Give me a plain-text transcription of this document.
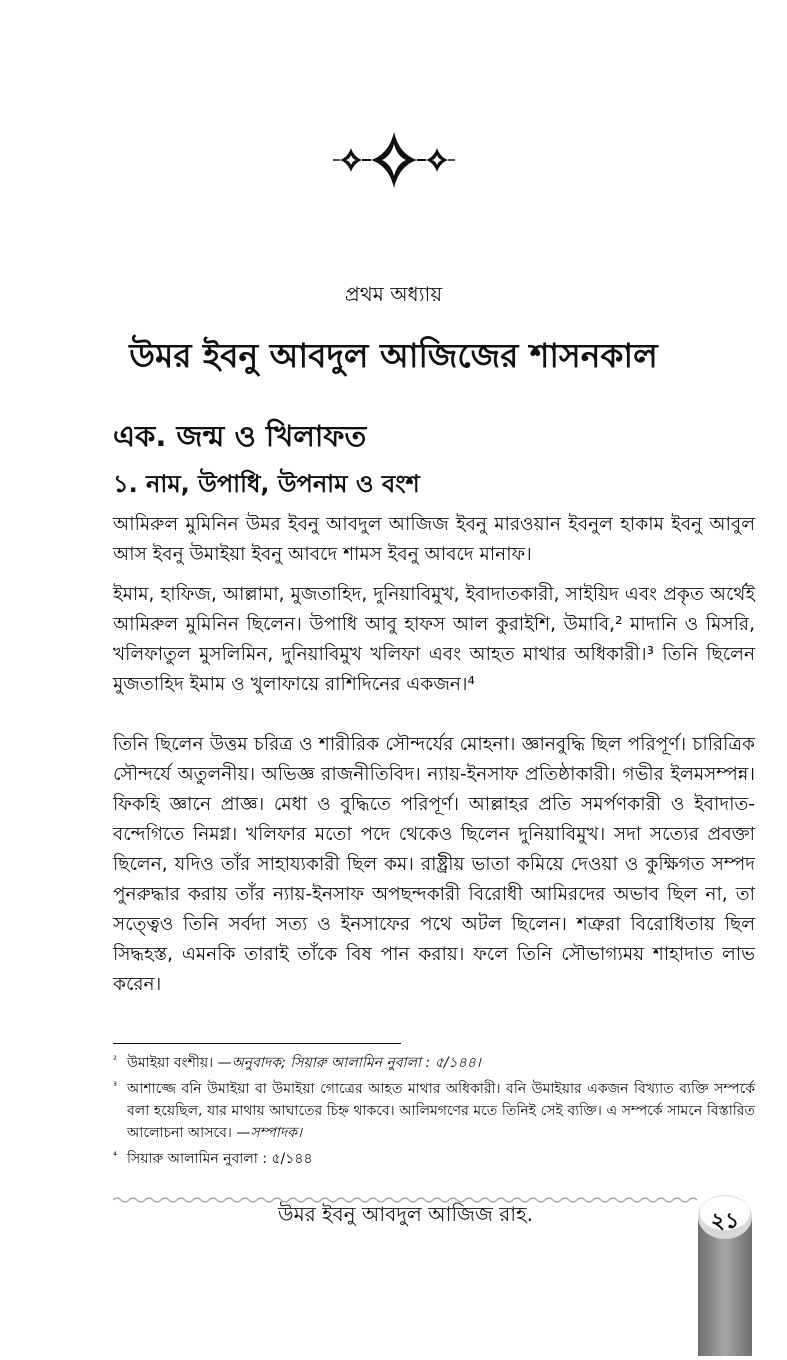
প্রথম অধ্যায়
উমর ইবনু আবদুল আজিজের শাসনকাল
এক. জন্ম ও খিলাফত
১. নাম, উপাধি, উপনাম ও বংশ

আমিরুল মুমিনিন উমর ইবনু আবদুল আজিজ ইবনু মারওয়ান ইবনুল হাকাম ইবনু আবুল আস ইবনু উমাইয়া ইবনু আবদে শামস ইবনু আবদে মানাফ।

ইমাম, হাফিজ, আল্লামা, মুজতাহিদ, দুনিয়াবিমুখ, ইবাদাতকারী, সাইয়িদ এবং প্রকৃত অর্থেই আমিরুল মুমিনিন ছিলেন। উপাধি আবু হাফস আল কুরাইশি, উমাবি,² মাদানি ও মিসরি, খলিফাতুল মুসলিমিন, দুনিয়াবিমুখ খলিফা এবং আহত মাথার অধিকারী।³ তিনি ছিলেন মুজতাহিদ ইমাম ও খুলাফায়ে রাশিদিনের একজন।⁴

তিনি ছিলেন উত্তম চরিত্র ও শারীরিক সৌন্দর্যের মোহনা। জ্ঞানবুদ্ধি ছিল পরিপূর্ণ। চারিত্রিক সৌন্দর্যে অতুলনীয়। অভিজ্ঞ রাজনীতিবিদ। ন্যায়-ইনসাফ প্রতিষ্ঠাকারী। গভীর ইলমসম্পন্ন। ফিকহি জ্ঞানে প্রাজ্ঞ। মেধা ও বুদ্ধিতে পরিপূর্ণ। আল্লাহর প্রতি সমর্পণকারী ও ইবাদাত-বন্দেগিতে নিমগ্ন। খলিফার মতো পদে থেকেও ছিলেন দুনিয়াবিমুখ। সদা সত্যের প্রবক্তা ছিলেন, যদিও তাঁর সাহায্যকারী ছিল কম। রাষ্ট্রীয় ভাতা কমিয়ে দেওয়া ও কুক্ষিগত সম্পদ পুনরুদ্ধার করায় তাঁর ন্যায়-ইনসাফ অপছন্দকারী বিরোধী আমিরদের অভাব ছিল না, তা সত্ত্বেও তিনি সর্বদা সত্য ও ইনসাফের পথে অটল ছিলেন। শত্রুরা বিরোধিতায় ছিল সিদ্ধহস্ত, এমনকি তারাই তাঁকে বিষ পান করায়। ফলে তিনি সৌভাগ্যময় শাহাদাত লাভ করেন।

² উমাইয়া বংশীয়। —অনুবাদক; সিয়ারু আলামিন নুবালা : ৫/১৪৪।
³ আশাজ্জে বনি উমাইয়া বা উমাইয়া গোত্রের আহত মাথার অধিকারী। বনি উমাইয়ার একজন বিখ্যাত ব্যক্তি সম্পর্কে বলা হয়েছিল, যার মাথায় আঘাতের চিহ্ন থাকবে। আলিমগণের মতে তিনিই সেই ব্যক্তি। এ সম্পর্কে সামনে বিস্তারিত আলোচনা আসবে। —সম্পাদক।
⁴ সিয়ারু আলামিন নুবালা : ৫/১৪৪
উমর ইবনু আবদুল আজিজ রাহ.	২১
